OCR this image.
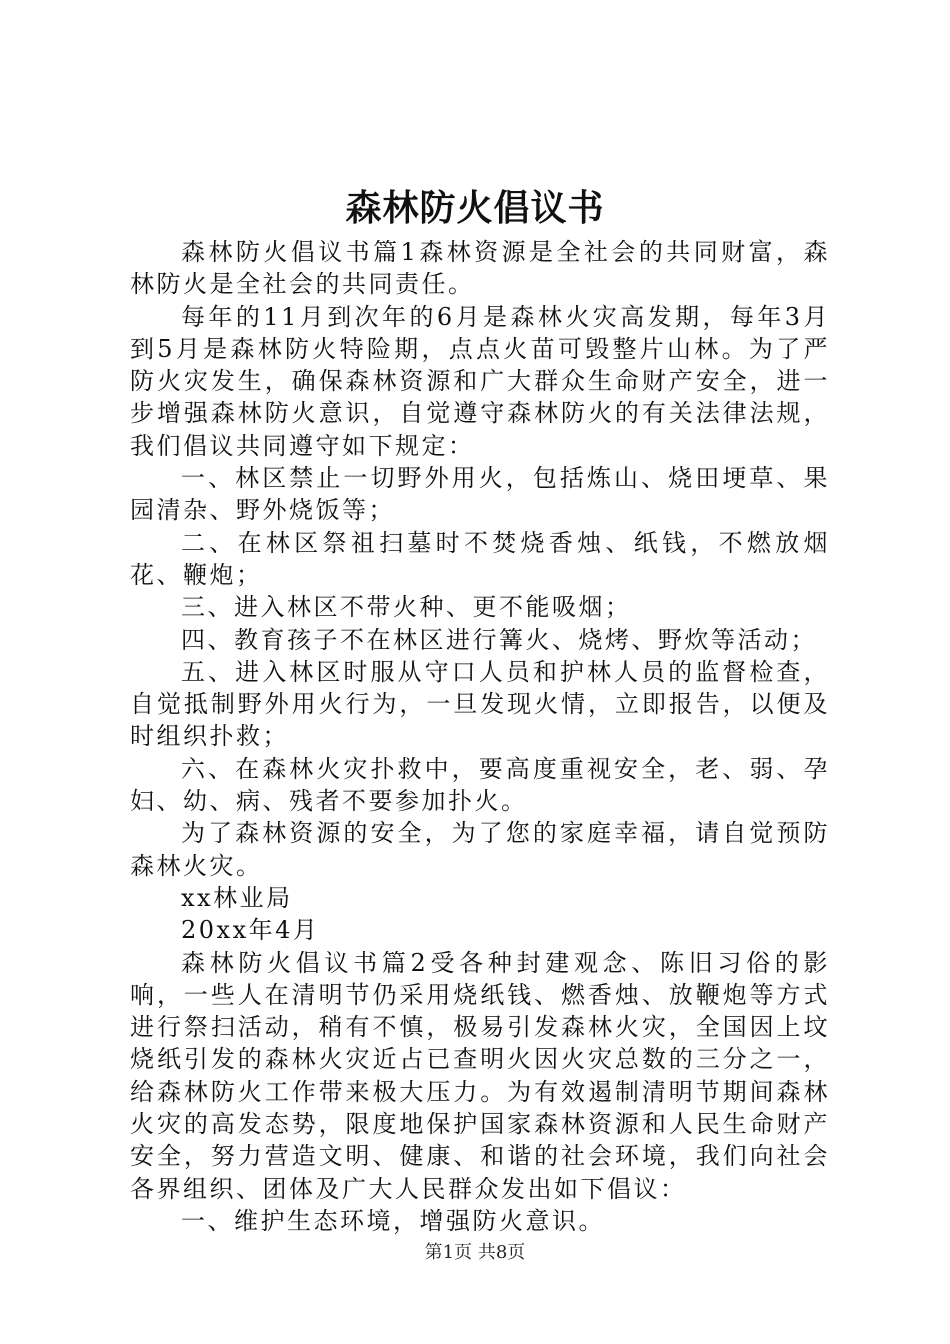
森林防火倡议书

森林防火倡议书篇1森林资源是全社会的共同财富，森林防火是全社会的共同责任。

每年的11月到次年的6月是森林火灾高发期，每年3月到5月是森林防火特险期，点点火苗可毁整片山林。为了严防火灾发生，确保森林资源和广大群众生命财产安全，进一步增强森林防火意识，自觉遵守森林防火的有关法律法规，我们倡议共同遵守如下规定：

一、林区禁止一切野外用火，包括炼山、烧田埂草、果园清杂、野外烧饭等；

二、在林区祭祖扫墓时不焚烧香烛、纸钱，不燃放烟花、鞭炮；

三、进入林区不带火种、更不能吸烟；

四、教育孩子不在林区进行篝火、烧烤、野炊等活动；

五、进入林区时服从守口人员和护林人员的监督检查，自觉抵制野外用火行为，一旦发现火情，立即报告，以便及时组织扑救；

六、在森林火灾扑救中，要高度重视安全，老、弱、孕妇、幼、病、残者不要参加扑火。

为了森林资源的安全，为了您的家庭幸福，请自觉预防森林火灾。

xx林业局

20xx年4月

森林防火倡议书篇2受各种封建观念、陈旧习俗的影响，一些人在清明节仍采用烧纸钱、燃香烛、放鞭炮等方式进行祭扫活动，稍有不慎，极易引发森林火灾，全国因上坟烧纸引发的森林火灾近占已查明火因火灾总数的三分之一，给森林防火工作带来极大压力。为有效遏制清明节期间森林火灾的高发态势，限度地保护国家森林资源和人民生命财产安全，努力营造文明、健康、和谐的社会环境，我们向社会各界组织、团体及广大人民群众发出如下倡议：

一、维护生态环境，增强防火意识。

第1页 共8页
